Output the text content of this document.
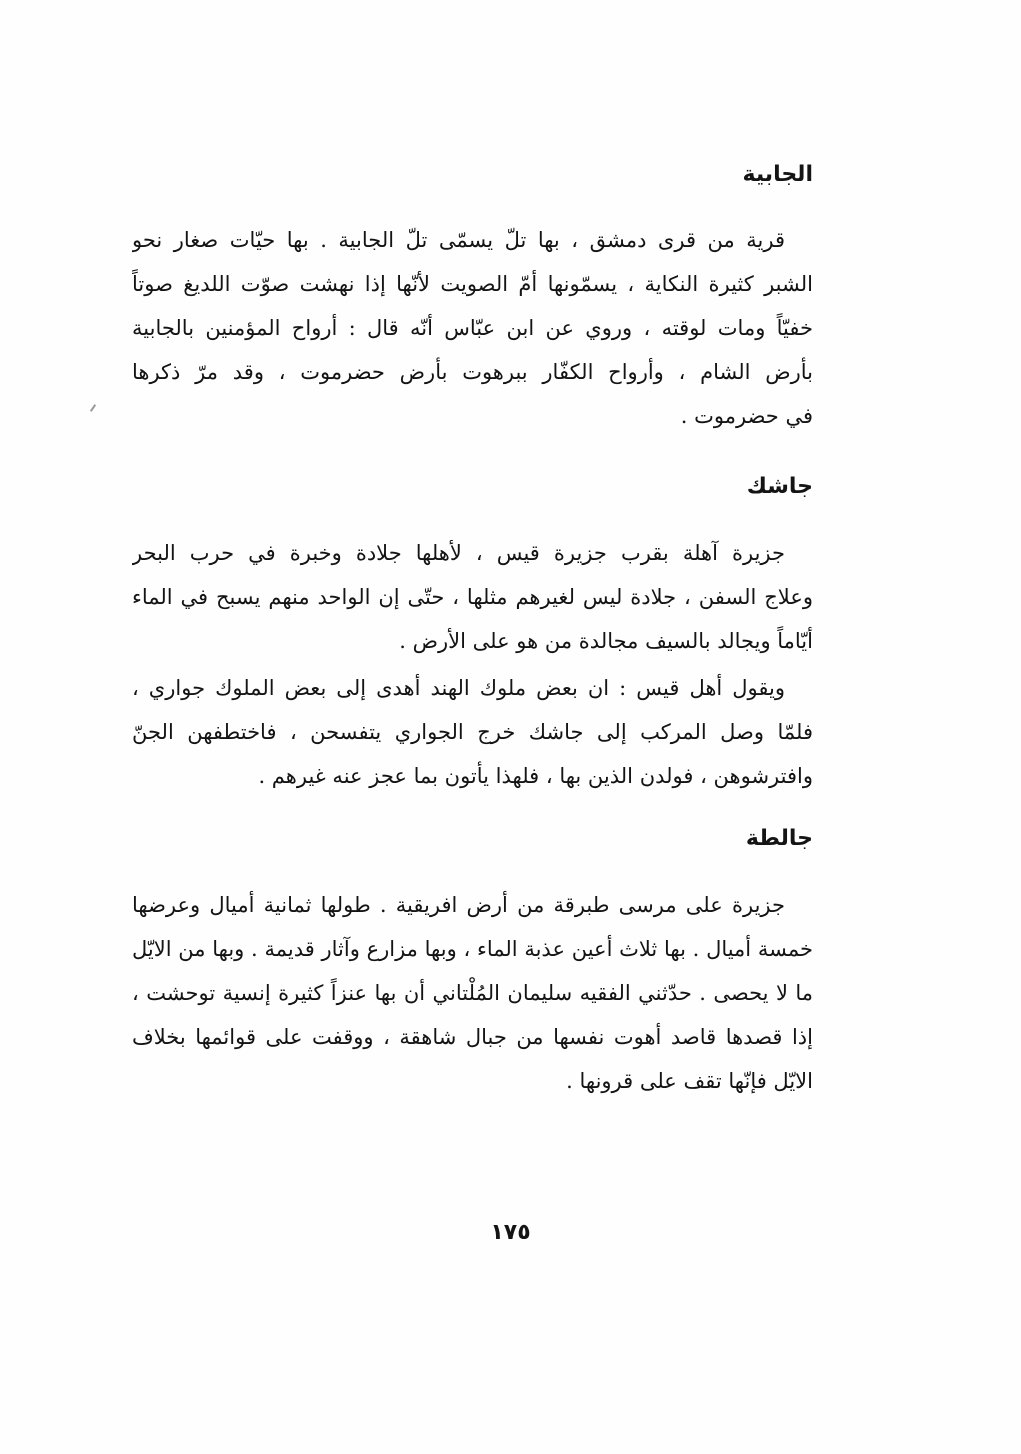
الجابية
قرية من قرى دمشق ، بها تلّ يسمّى تلّ الجابية . بها حيّات صغار نحو
الشبر كثيرة النكاية ، يسمّونها أمّ الصويت لأنّها إذا نهشت صوّت اللديغ صوتاً
خفيّاً ومات لوقته ، وروي عن ابن عبّاس أنّه قال : أرواح المؤمنين بالجابية
بأرض الشام ، وأرواح الكفّار ببرهوت بأرض حضرموت ، وقد مرّ ذكرها
في حضرموت .
جاشك
جزيرة آهلة بقرب جزيرة قيس ، لأهلها جلادة وخبرة في حرب البحر
وعلاج السفن ، جلادة ليس لغيرهم مثلها ، حتّى إن الواحد منهم يسبح في الماء
أيّاماً ويجالد بالسيف مجالدة من هو على الأرض .
ويقول أهل قيس : ان بعض ملوك الهند أهدى إلى بعض الملوك جواري ،
فلمّا وصل المركب إلى جاشك خرج الجواري يتفسحن ، فاختطفهن الجنّ
وافترشوهن ، فولدن الذين بها ، فلهذا يأتون بما عجز عنه غيرهم .
جالطة
جزيرة على مرسى طبرقة من أرض افريقية . طولها ثمانية أميال وعرضها
خمسة أميال . بها ثلاث أعين عذبة الماء ، وبها مزارع وآثار قديمة . وبها من الايّل
ما لا يحصى . حدّثني الفقيه سليمان المُلْتاني أن بها عنزاً كثيرة إنسية توحشت ،
إذا قصدها قاصد أهوت نفسها من جبال شاهقة ، ووقفت على قوائمها بخلاف
الايّل فإنّها تقف على قرونها .
١٧٥
